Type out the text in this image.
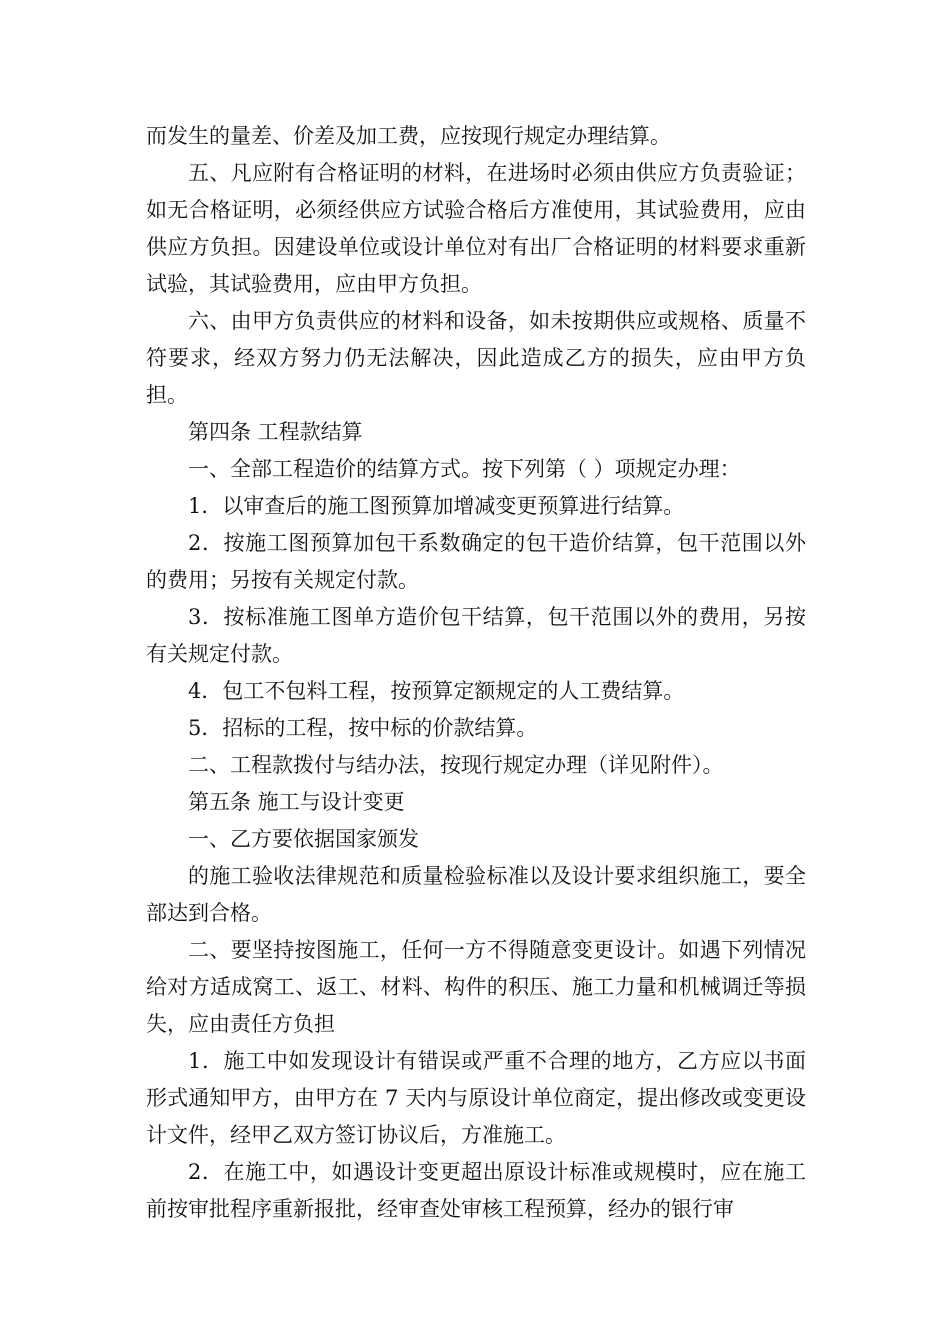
而发生的量差、价差及加工费，应按现行规定办理结算。

五、凡应附有合格证明的材料，在进场时必须由供应方负责验证；如无合格证明，必须经供应方试验合格后方准使用，其试验费用，应由供应方负担。因建设单位或设计单位对有出厂合格证明的材料要求重新试验，其试验费用，应由甲方负担。

六、由甲方负责供应的材料和设备，如未按期供应或规格、质量不符要求，经双方努力仍无法解决，因此造成乙方的损失，应由甲方负担。

第四条 工程款结算

一、全部工程造价的结算方式。按下列第（ ）项规定办理：

1．以审查后的施工图预算加增减变更预算进行结算。

2．按施工图预算加包干系数确定的包干造价结算，包干范围以外的费用；另按有关规定付款。

3．按标准施工图单方造价包干结算，包干范围以外的费用，另按有关规定付款。

4．包工不包料工程，按预算定额规定的人工费结算。

5．招标的工程，按中标的价款结算。

二、工程款拨付与结办法，按现行规定办理（详见附件）。

第五条 施工与设计变更

一、乙方要依据国家颁发

的施工验收法律规范和质量检验标准以及设计要求组织施工，要全部达到合格。

二、要坚持按图施工，任何一方不得随意变更设计。如遇下列情况给对方适成窝工、返工、材料、构件的积压、施工力量和机械调迁等损失，应由责任方负担

1．施工中如发现设计有错误或严重不合理的地方，乙方应以书面形式通知甲方，由甲方在 7 天内与原设计单位商定，提出修改或变更设计文件，经甲乙双方签订协议后，方准施工。

2．在施工中，如遇设计变更超出原设计标准或规模时，应在施工前按审批程序重新报批，经审查处审核工程预算，经办的银行审
